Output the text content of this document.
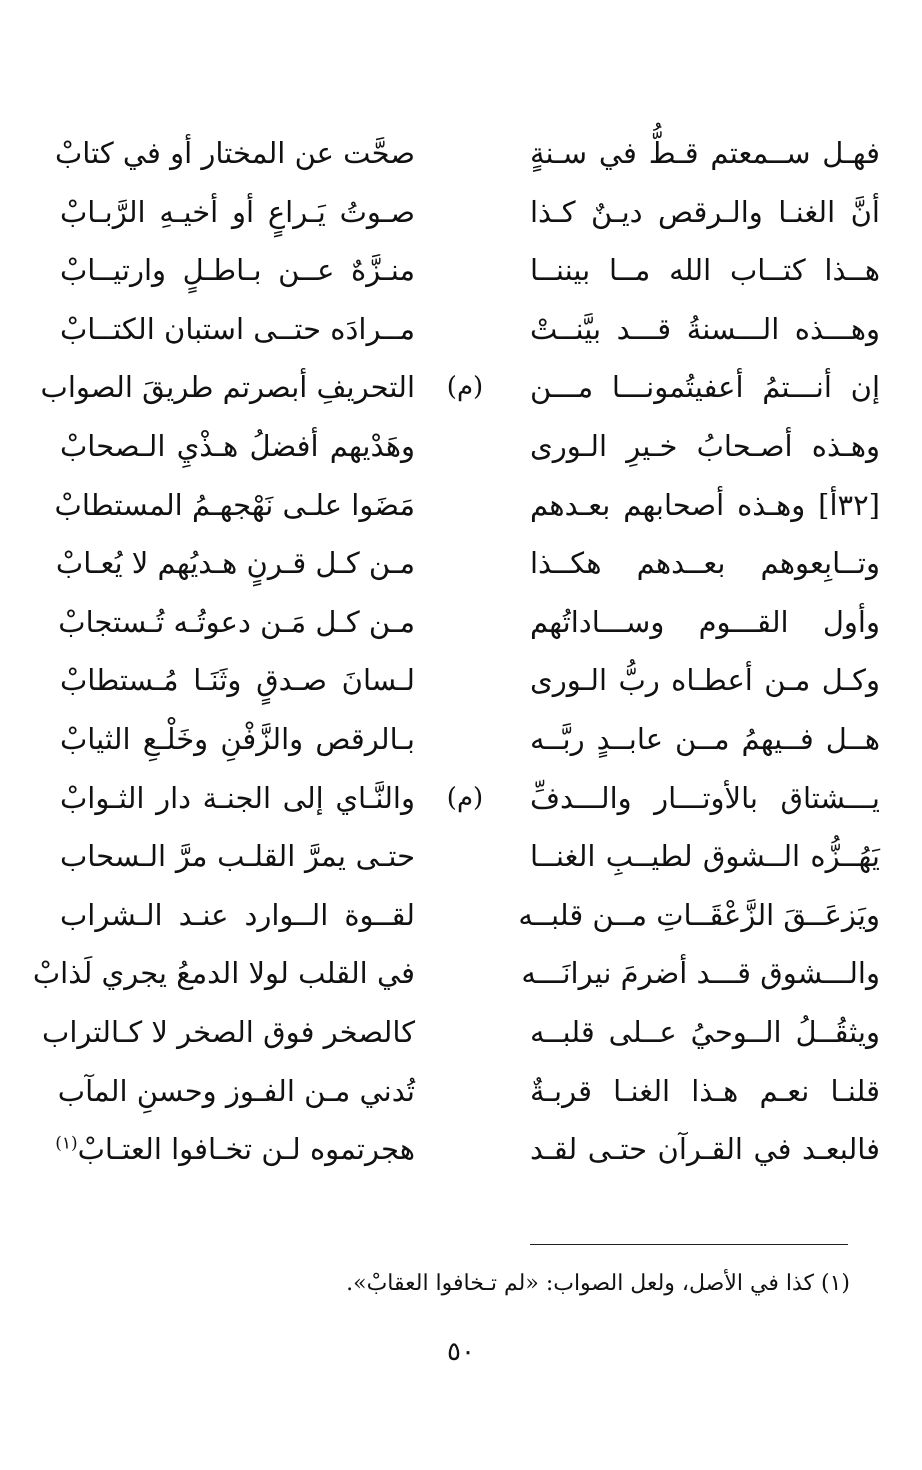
فهـل ســمعتم قـطُّ في سـنةٍ
صحَّت عن المختار أو في كتابْ
أنَّ الغنـا والـرقص ديـنٌ كـذا
صـوتُ يَـراعٍ أو أخيـهِ الرَّبـابْ
هــذا كتــاب الله مــا بيننــا
منـزَّهٌ عــن بـاطـلٍ وارتيــابْ
وهـــذه الـــسنةُ قـــد بيَّنــتْ
مــرادَه حتــى استبان الكتــابْ
إن أنـــتمُ أعفيتُمونـــا مـــن
(م)
التحريفِ أبصرتم طريقَ الصواب
وهـذه أصـحابُ خـيرِ الـورى
وهَدْيهم أفضلُ هـذْيِ الـصحابْ
[٣٢أ] وهـذه أصحابهم بعـدهم
مَضَوا علـى نَهْجهـمُ المستطابْ
وتــابِعوهم بعــدهم هكــذا
مـن كـل قـرنٍ هـديُهم لا يُعـابْ
وأول القـــوم وســـاداتُهم
مـن كـل مَـن دعوتُـه تُـستجابْ
وكـل مـن أعطـاه ربُّ الـورى
لـسانَ صـدقٍ وثَنَـا مُـستطابْ
هــل فــيهمُ مــن عابــدٍ ربَّــه
بـالرقص والزَّفْنِ وخَلْـعِ الثيابْ
يـــشتاق بالأوتـــار والـــدفِّ
(م)
والنَّـاي إلى الجنـة دار الثـوابْ
يَهُــزُّه الــشوق لطيــبِ الغنــا
حتـى يمرَّ القلـب مرَّ الـسحاب
ويَزعَــقَ الزَّعْقَــاتِ مــن قلبــه
لقــوة الــوارد عنـد الـشراب
والـــشوق قـــد أضرمَ نيرانَـــه
في القلب لولا الدمعُ يجري لَذابْ
ويثقُــلُ الــوحيُ عــلى قلبــه
كالصخر فوق الصخر لا كـالتراب
قلنـا نعـم هـذا الغنـا قربـةٌ
تُدني مـن الفـوز وحسنِ المآب
فالبعـد في القـرآن حتـى لقـد
هجرتموه لـن تخـافوا العتـابْ$^{(١)}$
(١) كذا في الأصل، ولعل الصواب: «لم تـخافوا العقابْ».
٥٠
